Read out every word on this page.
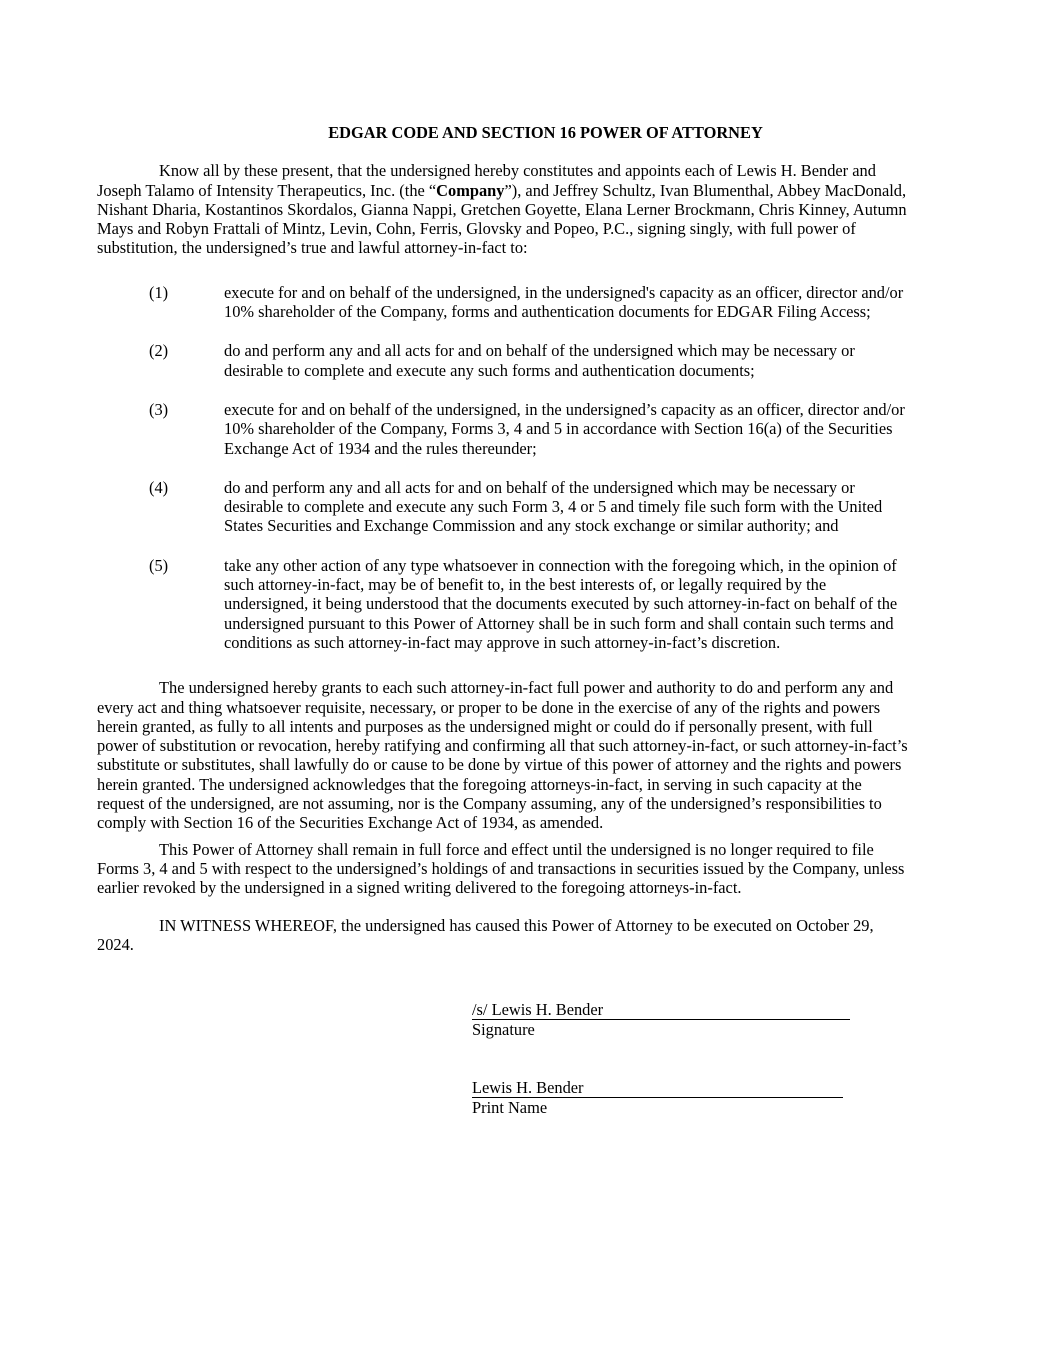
EDGAR CODE AND SECTION 16 POWER OF ATTORNEY

Know all by these present, that the undersigned hereby constitutes and appoints each of Lewis H. Bender and Joseph Talamo of Intensity Therapeutics, Inc. (the “Company”), and Jeffrey Schultz, Ivan Blumenthal, Abbey MacDonald, Nishant Dharia, Kostantinos Skordalos, Gianna Nappi, Gretchen Goyette, Elana Lerner Brockmann, Chris Kinney, Autumn Mays and Robyn Frattali of Mintz, Levin, Cohn, Ferris, Glovsky and Popeo, P.C., signing singly, with full power of substitution, the undersigned’s true and lawful attorney-in-fact to:

(1)	execute for and on behalf of the undersigned, in the undersigned's capacity as an officer, director and/or 10% shareholder of the Company, forms and authentication documents for EDGAR Filing Access;
(2)	do and perform any and all acts for and on behalf of the undersigned which may be necessary or desirable to complete and execute any such forms and authentication documents;
(3)	execute for and on behalf of the undersigned, in the undersigned’s capacity as an officer, director and/or 10% shareholder of the Company, Forms 3, 4 and 5 in accordance with Section 16(a) of the Securities Exchange Act of 1934 and the rules thereunder;
(4)	do and perform any and all acts for and on behalf of the undersigned which may be necessary or desirable to complete and execute any such Form 3, 4 or 5 and timely file such form with the United States Securities and Exchange Commission and any stock exchange or similar authority; and
(5)	take any other action of any type whatsoever in connection with the foregoing which, in the opinion of such attorney-in-fact, may be of benefit to, in the best interests of, or legally required by the undersigned, it being understood that the documents executed by such attorney-in-fact on behalf of the undersigned pursuant to this Power of Attorney shall be in such form and shall contain such terms and conditions as such attorney-in-fact may approve in such attorney-in-fact’s discretion.

The undersigned hereby grants to each such attorney-in-fact full power and authority to do and perform any and every act and thing whatsoever requisite, necessary, or proper to be done in the exercise of any of the rights and powers herein granted, as fully to all intents and purposes as the undersigned might or could do if personally present, with full power of substitution or revocation, hereby ratifying and confirming all that such attorney-in-fact, or such attorney-in-fact’s substitute or substitutes, shall lawfully do or cause to be done by virtue of this power of attorney and the rights and powers herein granted. The undersigned acknowledges that the foregoing attorneys-in-fact, in serving in such capacity at the request of the undersigned, are not assuming, nor is the Company assuming, any of the undersigned’s responsibilities to comply with Section 16 of the Securities Exchange Act of 1934, as amended.

This Power of Attorney shall remain in full force and effect until the undersigned is no longer required to file Forms 3, 4 and 5 with respect to the undersigned’s holdings of and transactions in securities issued by the Company, unless earlier revoked by the undersigned in a signed writing delivered to the foregoing attorneys-in-fact.

IN WITNESS WHEREOF, the undersigned has caused this Power of Attorney to be executed on October 29, 2024.

/s/ Lewis H. Bender

Signature

Lewis H. Bender

Print Name
